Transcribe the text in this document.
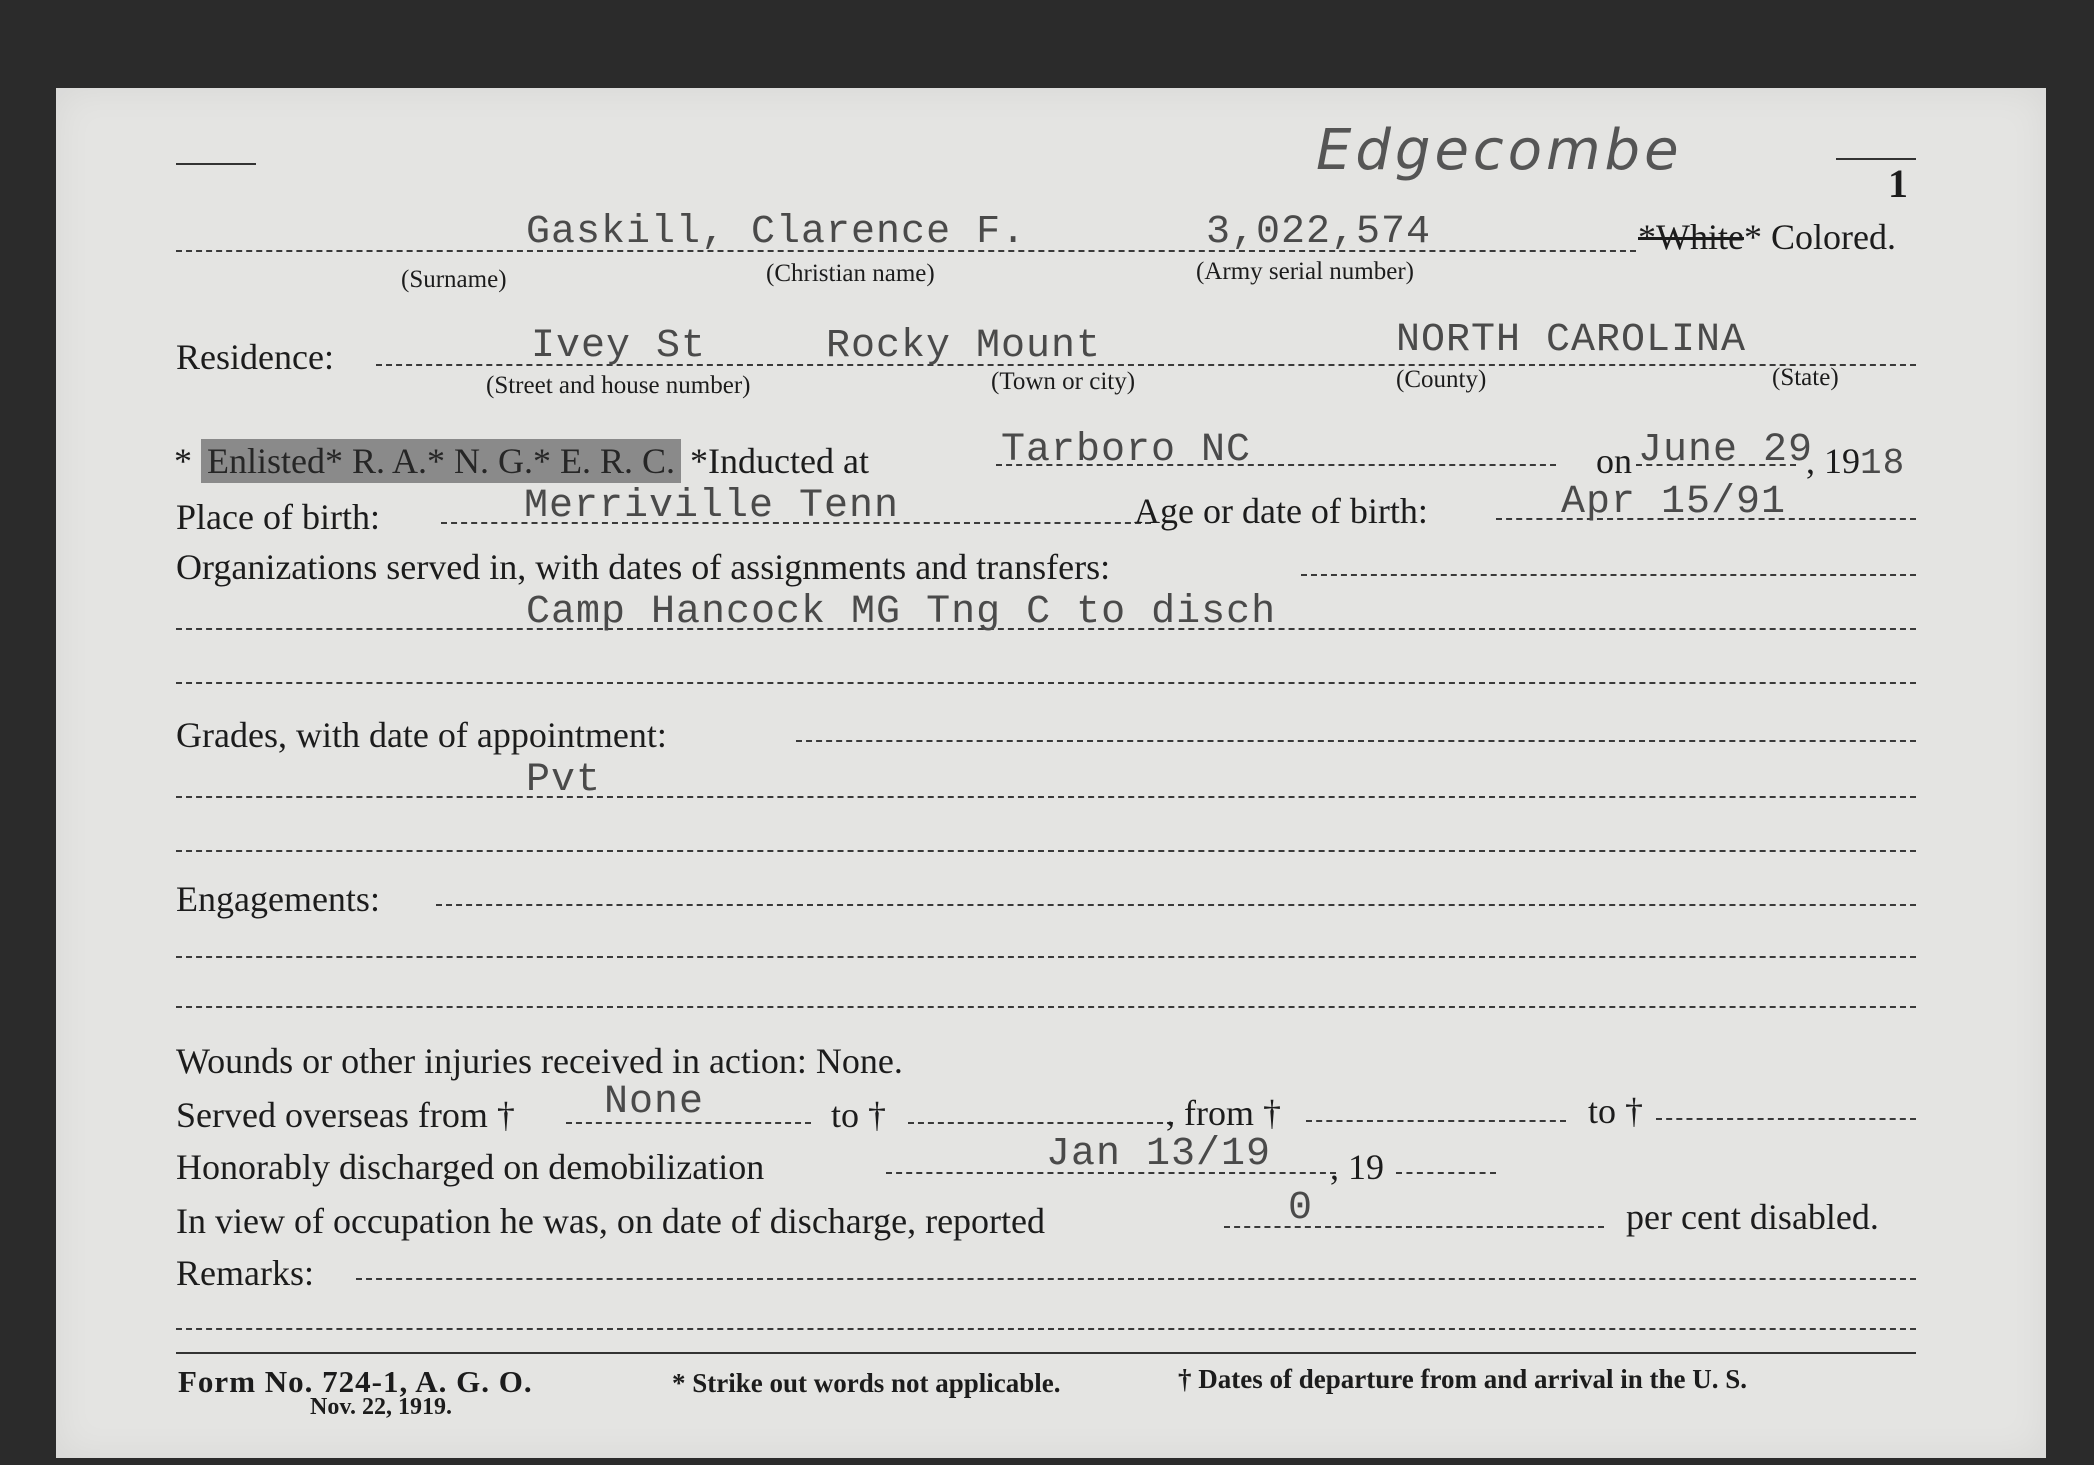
Edgecombe
1
Gaskill, Clarence F.	3,022,574	*White* Colored.
(Surname)	(Christian name)	(Army serial number)
Residence:	Ivey St	Rocky Mount	NORTH CAROLINA
(Street and house number)	(Town or city)	(County)	(State)
* Enlisted* R. A.* N. G.* E. R. C. *Inducted at	Tarboro NC	on June 29
, 1918
Place of birth:	Merriville Tenn	Age or date of birth:	Apr 15/91
Organizations served in, with dates of assignments and transfers:
Camp Hancock MG Tng C to disch
Grades, with date of appointment:
Pvt
Engagements:
Wounds or other injuries received in action: None.
Served overseas from † None	to †	, from †	to †
Honorably discharged on demobilization	Jan 13/19 , 19
In view of occupation he was, on date of discharge, reported	0	per cent disabled.
Remarks:
Form No. 724-1, A. G. O.
Nov. 22, 1919.
* Strike out words not applicable.	† Dates of departure from and arrival in the U. S.
